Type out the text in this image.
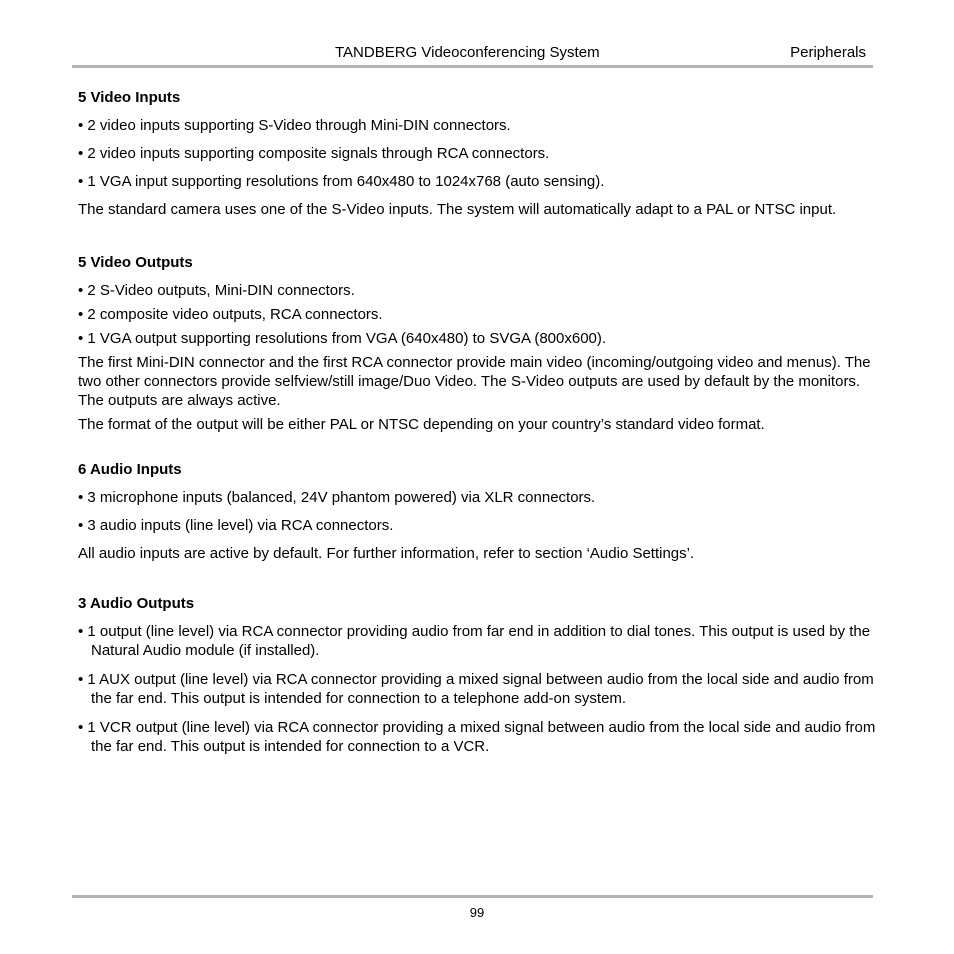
TANDBERG Videoconferencing System	Peripherals

5 Video Inputs

• 2 video inputs supporting S-Video through Mini-DIN connectors.

• 2 video inputs supporting composite signals through RCA connectors.

• 1 VGA input supporting resolutions from 640x480 to 1024x768 (auto sensing).

The standard camera uses one of the S-Video inputs. The system will automatically adapt to a PAL or NTSC input.

5 Video Outputs

• 2 S-Video outputs, Mini-DIN connectors.

• 2 composite video outputs, RCA connectors.

• 1 VGA output supporting resolutions from VGA (640x480) to SVGA (800x600).

The first Mini-DIN connector and the first RCA connector provide main video (incoming/outgoing video and menus). The two other connectors provide selfview/still image/Duo Video. The S-Video outputs are used by default by the monitors. The outputs are always active.

The format of the output will be either PAL or NTSC depending on your country’s standard video format.

6 Audio Inputs

• 3 microphone inputs (balanced, 24V phantom powered) via XLR connectors.

• 3 audio inputs (line level) via RCA connectors.

All audio inputs are active by default. For further information, refer to section ‘Audio Settings’.

3 Audio Outputs

• 1 output (line level) via RCA connector providing audio from far end in addition to dial tones. This output is used by the Natural Audio module (if installed).

• 1 AUX output (line level) via RCA connector providing a mixed signal between audio from the local side and audio from the far end. This output is intended for connection to a telephone add-on system.

• 1 VCR output (line level) via RCA connector providing a mixed signal between audio from the local side and audio from the far end. This output is intended for connection to a VCR.

99
